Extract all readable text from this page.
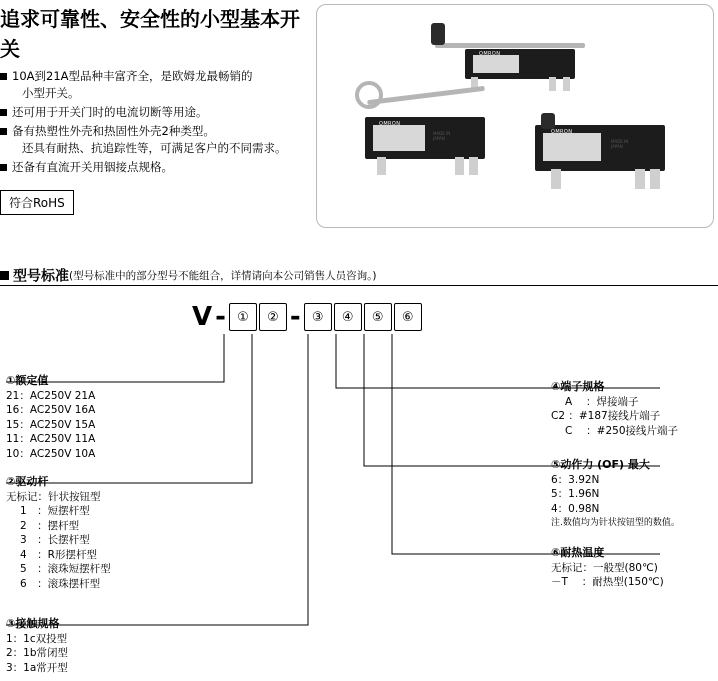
追求可靠性、安全性的小型基本开关
10A到21A型品种丰富齐全，是欧姆龙最畅销的
小型开关。
还可用于开关门时的电流切断等用途。
备有热塑性外壳和热固性外壳2种类型。
还具有耐热、抗追踪性等，可满足客户的不同需求。
还备有直流开关用铟接点规格。
符合RoHS
OMRON
OMRON
MADE IN
JAPAN
OMRON
MADE IN
JAPAN
型号标准(型号标准中的部分型号不能组合，详情请向本公司销售人员咨询。)
V - ①	② - ③	④	⑤	⑥
①额定值
21：AC250V 21A
16：AC250V 16A
15：AC250V 15A
11：AC250V 11A
10：AC250V 10A
②驱动杆
无标记：针状按钮型
1　：短摆杆型
2　：摆杆型
3　：长摆杆型
4　：R形摆杆型
5　：滚珠短摆杆型
6　：滚珠摆杆型
③接触规格
1：1c双投型
2：1b常闭型
3：1a常开型
④端子规格
A 　：焊接端子
C2 ：#187接线片端子
C 　：#250接线片端子
⑤动作力 (OF) 最大
6：3.92N
5：1.96N
4：0.98N
注.数值均为针状按钮型的数值。
⑥耐热温度
无标记：一般型(80℃)
－T 　：耐热型(150℃)
